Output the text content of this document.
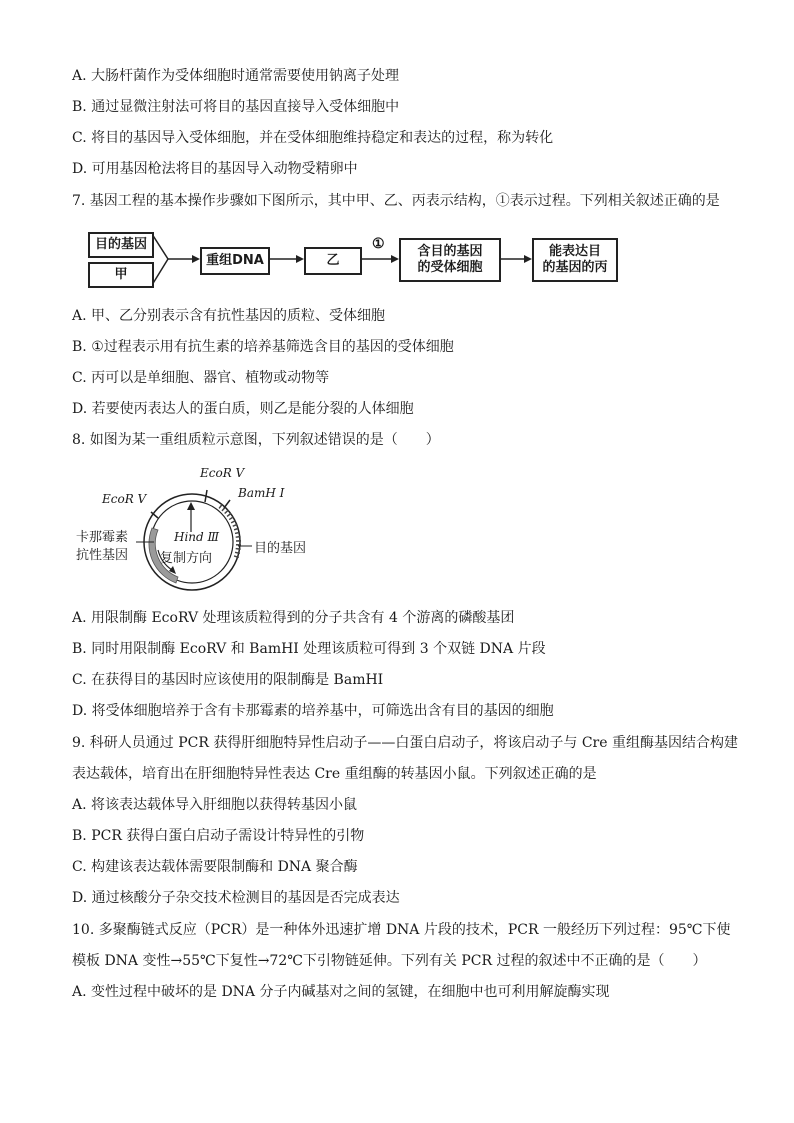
A. 大肠杆菌作为受体细胞时通常需要使用钠离子处理
B. 通过显微注射法可将目的基因直接导入受体细胞中
C. 将目的基因导入受体细胞，并在受体细胞维持稳定和表达的过程，称为转化
D. 可用基因枪法将目的基因导入动物受精卵中
7. 基因工程的基本操作步骤如下图所示，其中甲、乙、丙表示结构，①表示过程。下列相关叙述正确的是
目的基因
甲
重组DNA	乙
①	含目的基因
的受体细胞
能表达目
的基因的丙
A. 甲、乙分别表示含有抗性基因的质粒、受体细胞
B. ①过程表示用有抗生素的培养基筛选含目的基因的受体细胞
C. 丙可以是单细胞、器官、植物或动物等
D. 若要使丙表达人的蛋白质，则乙是能分裂的人体细胞
8. 如图为某一重组质粒示意图，下列叙述错误的是（　　）
EcoR Ⅴ
EcoR Ⅴ	BamH Ⅰ
Hind Ⅲ
卡那霉素
抗性基因 复制方向
目的基因
A. 用限制酶 EcoRV 处理该质粒得到的分子共含有 4 个游离的磷酸基团
B. 同时用限制酶 EcoRV 和 BamHI 处理该质粒可得到 3 个双链 DNA 片段
C. 在获得目的基因时应该使用的限制酶是 BamHI
D. 将受体细胞培养于含有卡那霉素的培养基中，可筛选出含有目的基因的细胞
9. 科研人员通过 PCR 获得肝细胞特异性启动子——白蛋白启动子，将该启动子与 Cre 重组酶基因结合构建
表达载体，培育出在肝细胞特异性表达 Cre 重组酶的转基因小鼠。下列叙述正确的是
A. 将该表达载体导入肝细胞以获得转基因小鼠
B. PCR 获得白蛋白启动子需设计特异性的引物
C. 构建该表达载体需要限制酶和 DNA 聚合酶
D. 通过核酸分子杂交技术检测目的基因是否完成表达
10. 多聚酶链式反应（PCR）是一种体外迅速扩增 DNA 片段的技术，PCR 一般经历下列过程：95℃下使
模板 DNA 变性→55℃下复性→72℃下引物链延伸。下列有关 PCR 过程的叙述中不正确的是（　　）
A. 变性过程中破坏的是 DNA 分子内碱基对之间的氢键，在细胞中也可利用解旋酶实现
